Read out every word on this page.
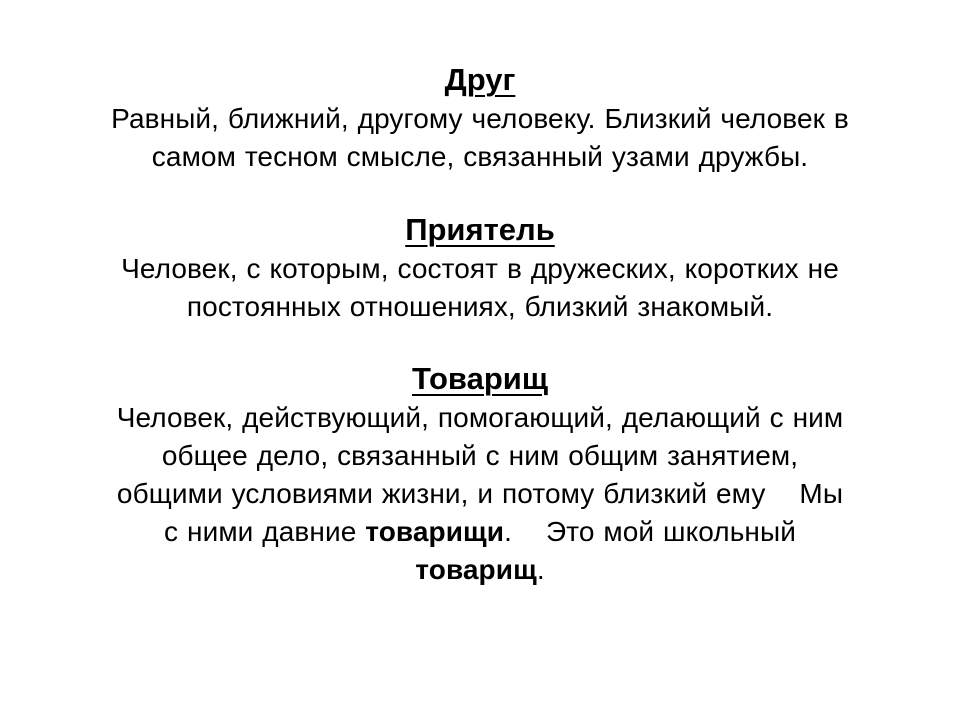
Друг

Равный, ближний, другому человеку. Близкий человек в
самом тесном смысле, связанный узами дружбы.

Приятель

Человек, с которым, состоят в дружеских, коротких не
постоянных отношениях, близкий знакомый.

Товарищ

Человек, действующий, помогающий, делающий с ним
общее дело, связанный с ним общим занятием,
общими условиями жизни, и потому близкий ему Мы
с ними давние товарищи. Это мой школьный
товарищ.
